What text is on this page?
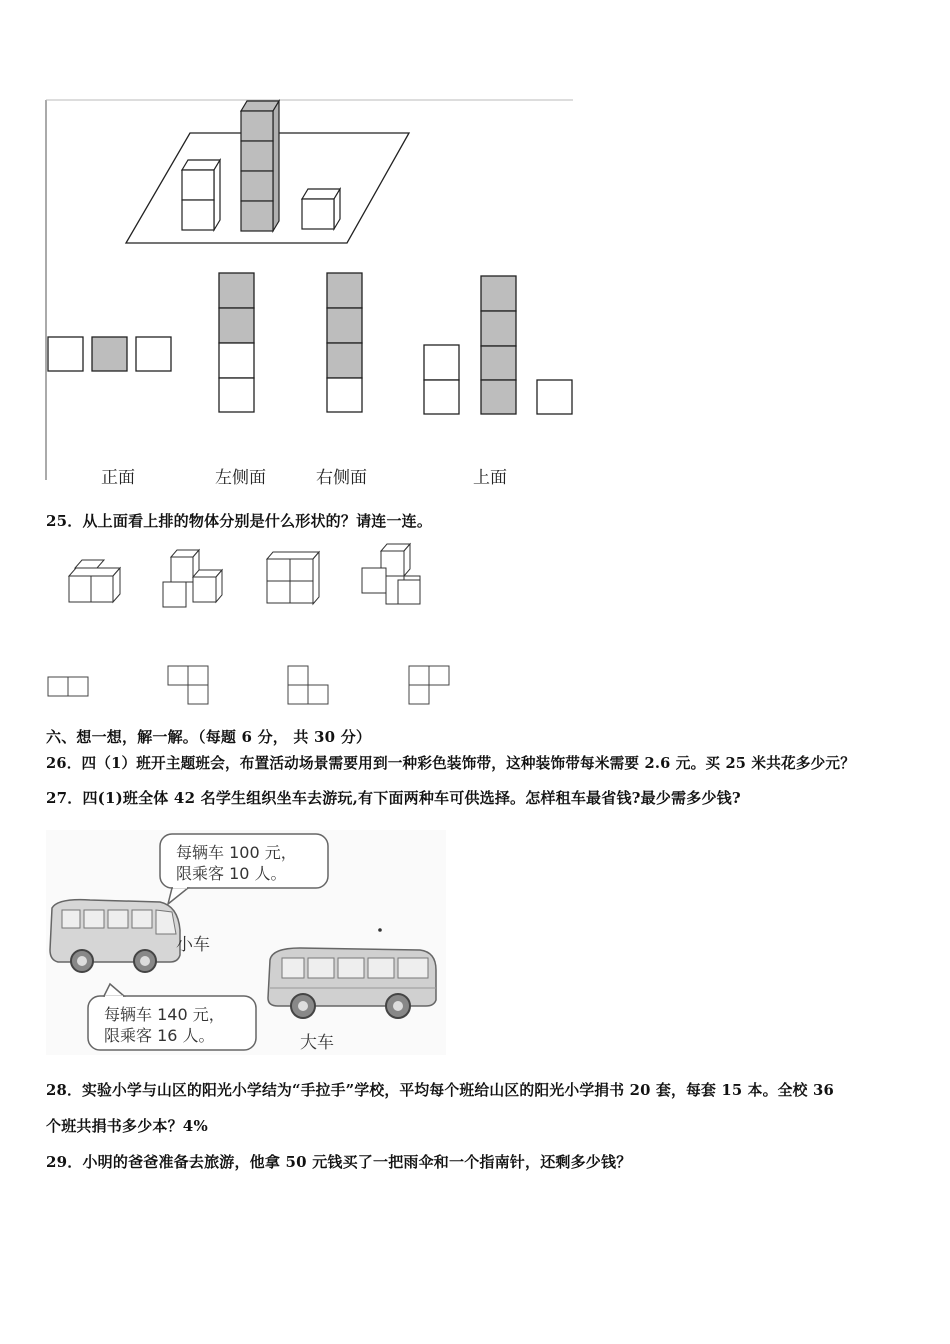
正面	左侧面	右侧面	上面
25．从上面看上排的物体分别是什么形状的？请连一连。
六、想一想，解一解。（每题 6 分， 共 30 分）
26．四（1）班开主题班会，布置活动场景需要用到一种彩色装饰带，这种装饰带每米需要 2.6 元。买 25 米共花多少元？
27．四(1)班全体 42 名学生组织坐车去游玩,有下面两种车可供选择。怎样租车最省钱?最少需多少钱?
每辆车 100 元，
限乘客 10 人。
小车
每辆车 140 元，
限乘客 16 人。	大车
28．实验小学与山区的阳光小学结为“手拉手”学校，平均每个班给山区的阳光小学捐书 20 套，每套 15 本。全校 36
个班共捐书多少本？4%
29．小明的爸爸准备去旅游，他拿 50 元钱买了一把雨伞和一个指南针，还剩多少钱？
